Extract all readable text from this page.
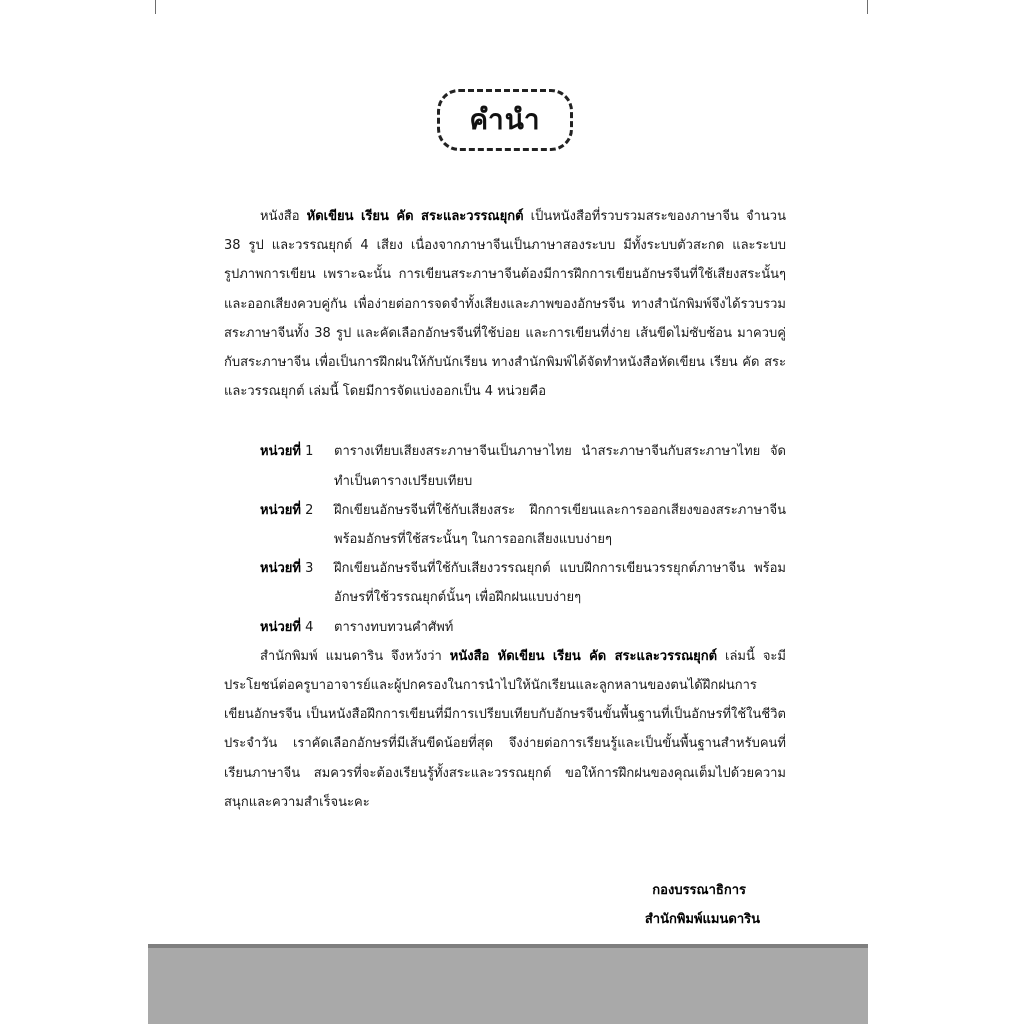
คำนำ

หนังสือ หัดเขียน เรียน คัด สระและวรรณยุกต์ เป็นหนังสือที่รวบรวมสระของภาษาจีน จำนวน 38 รูป และวรรณยุกต์ 4 เสียง เนื่องจากภาษาจีนเป็นภาษาสองระบบ มีทั้งระบบตัวสะกด และระบบรูปภาพการเขียน เพราะฉะนั้น การเขียนสระภาษาจีนต้องมีการฝึกการเขียนอักษรจีนที่ใช้เสียงสระนั้นๆ และออกเสียงควบคู่กัน เพื่อง่ายต่อการจดจำทั้งเสียงและภาพของอักษรจีน ทางสำนักพิมพ์จึงได้รวบรวมสระภาษาจีนทั้ง 38 รูป และคัดเลือกอักษรจีนที่ใช้บ่อย และการเขียนที่ง่าย เส้นขีดไม่ซับซ้อน มาควบคู่กับสระภาษาจีน เพื่อเป็นการฝึกฝนให้กับนักเรียน ทางสำนักพิมพ์ได้จัดทำหนังสือหัดเขียน เรียน คัด สระและวรรณยุกต์ เล่มนี้ โดยมีการจัดแบ่งออกเป็น 4 หน่วยคือ

หน่วยที่ 1	ตารางเทียบเสียงสระภาษาจีนเป็นภาษาไทย นำสระภาษาจีนกับสระภาษาไทย จัดทำเป็นตารางเปรียบเทียบ
หน่วยที่ 2	ฝึกเขียนอักษรจีนที่ใช้กับเสียงสระ ฝึกการเขียนและการออกเสียงของสระภาษาจีน พร้อมอักษรที่ใช้สระนั้นๆ ในการออกเสียงแบบง่ายๆ
หน่วยที่ 3	ฝึกเขียนอักษรจีนที่ใช้กับเสียงวรรณยุกต์ แบบฝึกการเขียนวรรยุกต์ภาษาจีน พร้อมอักษรที่ใช้วรรณยุกต์นั้นๆ เพื่อฝึกฝนแบบง่ายๆ
หน่วยที่ 4	ตารางทบทวนคำศัพท์

สำนักพิมพ์ แมนดาริน จึงหวังว่า หนังสือ หัดเขียน เรียน คัด สระและวรรณยุกต์ เล่มนี้ จะมีประโยชน์ต่อครูบาอาจารย์และผู้ปกครองในการนำไปให้นักเรียนและลูกหลานของตนได้ฝึกฝนการเขียนอักษรจีน เป็นหนังสือฝึกการเขียนที่มีการเปรียบเทียบกับอักษรจีนขั้นพื้นฐานที่เป็นอักษรที่ใช้ในชีวิตประจำวัน เราคัดเลือกอักษรที่มีเส้นขีดน้อยที่สุด จึงง่ายต่อการเรียนรู้และเป็นขั้นพื้นฐานสำหรับคนที่เรียนภาษาจีน สมควรที่จะต้องเรียนรู้ทั้งสระและวรรณยุกต์ ขอให้การฝึกฝนของคุณเต็มไปด้วยความสนุกและความสำเร็จนะคะ

กองบรรณาธิการ
สำนักพิมพ์แมนดาริน
